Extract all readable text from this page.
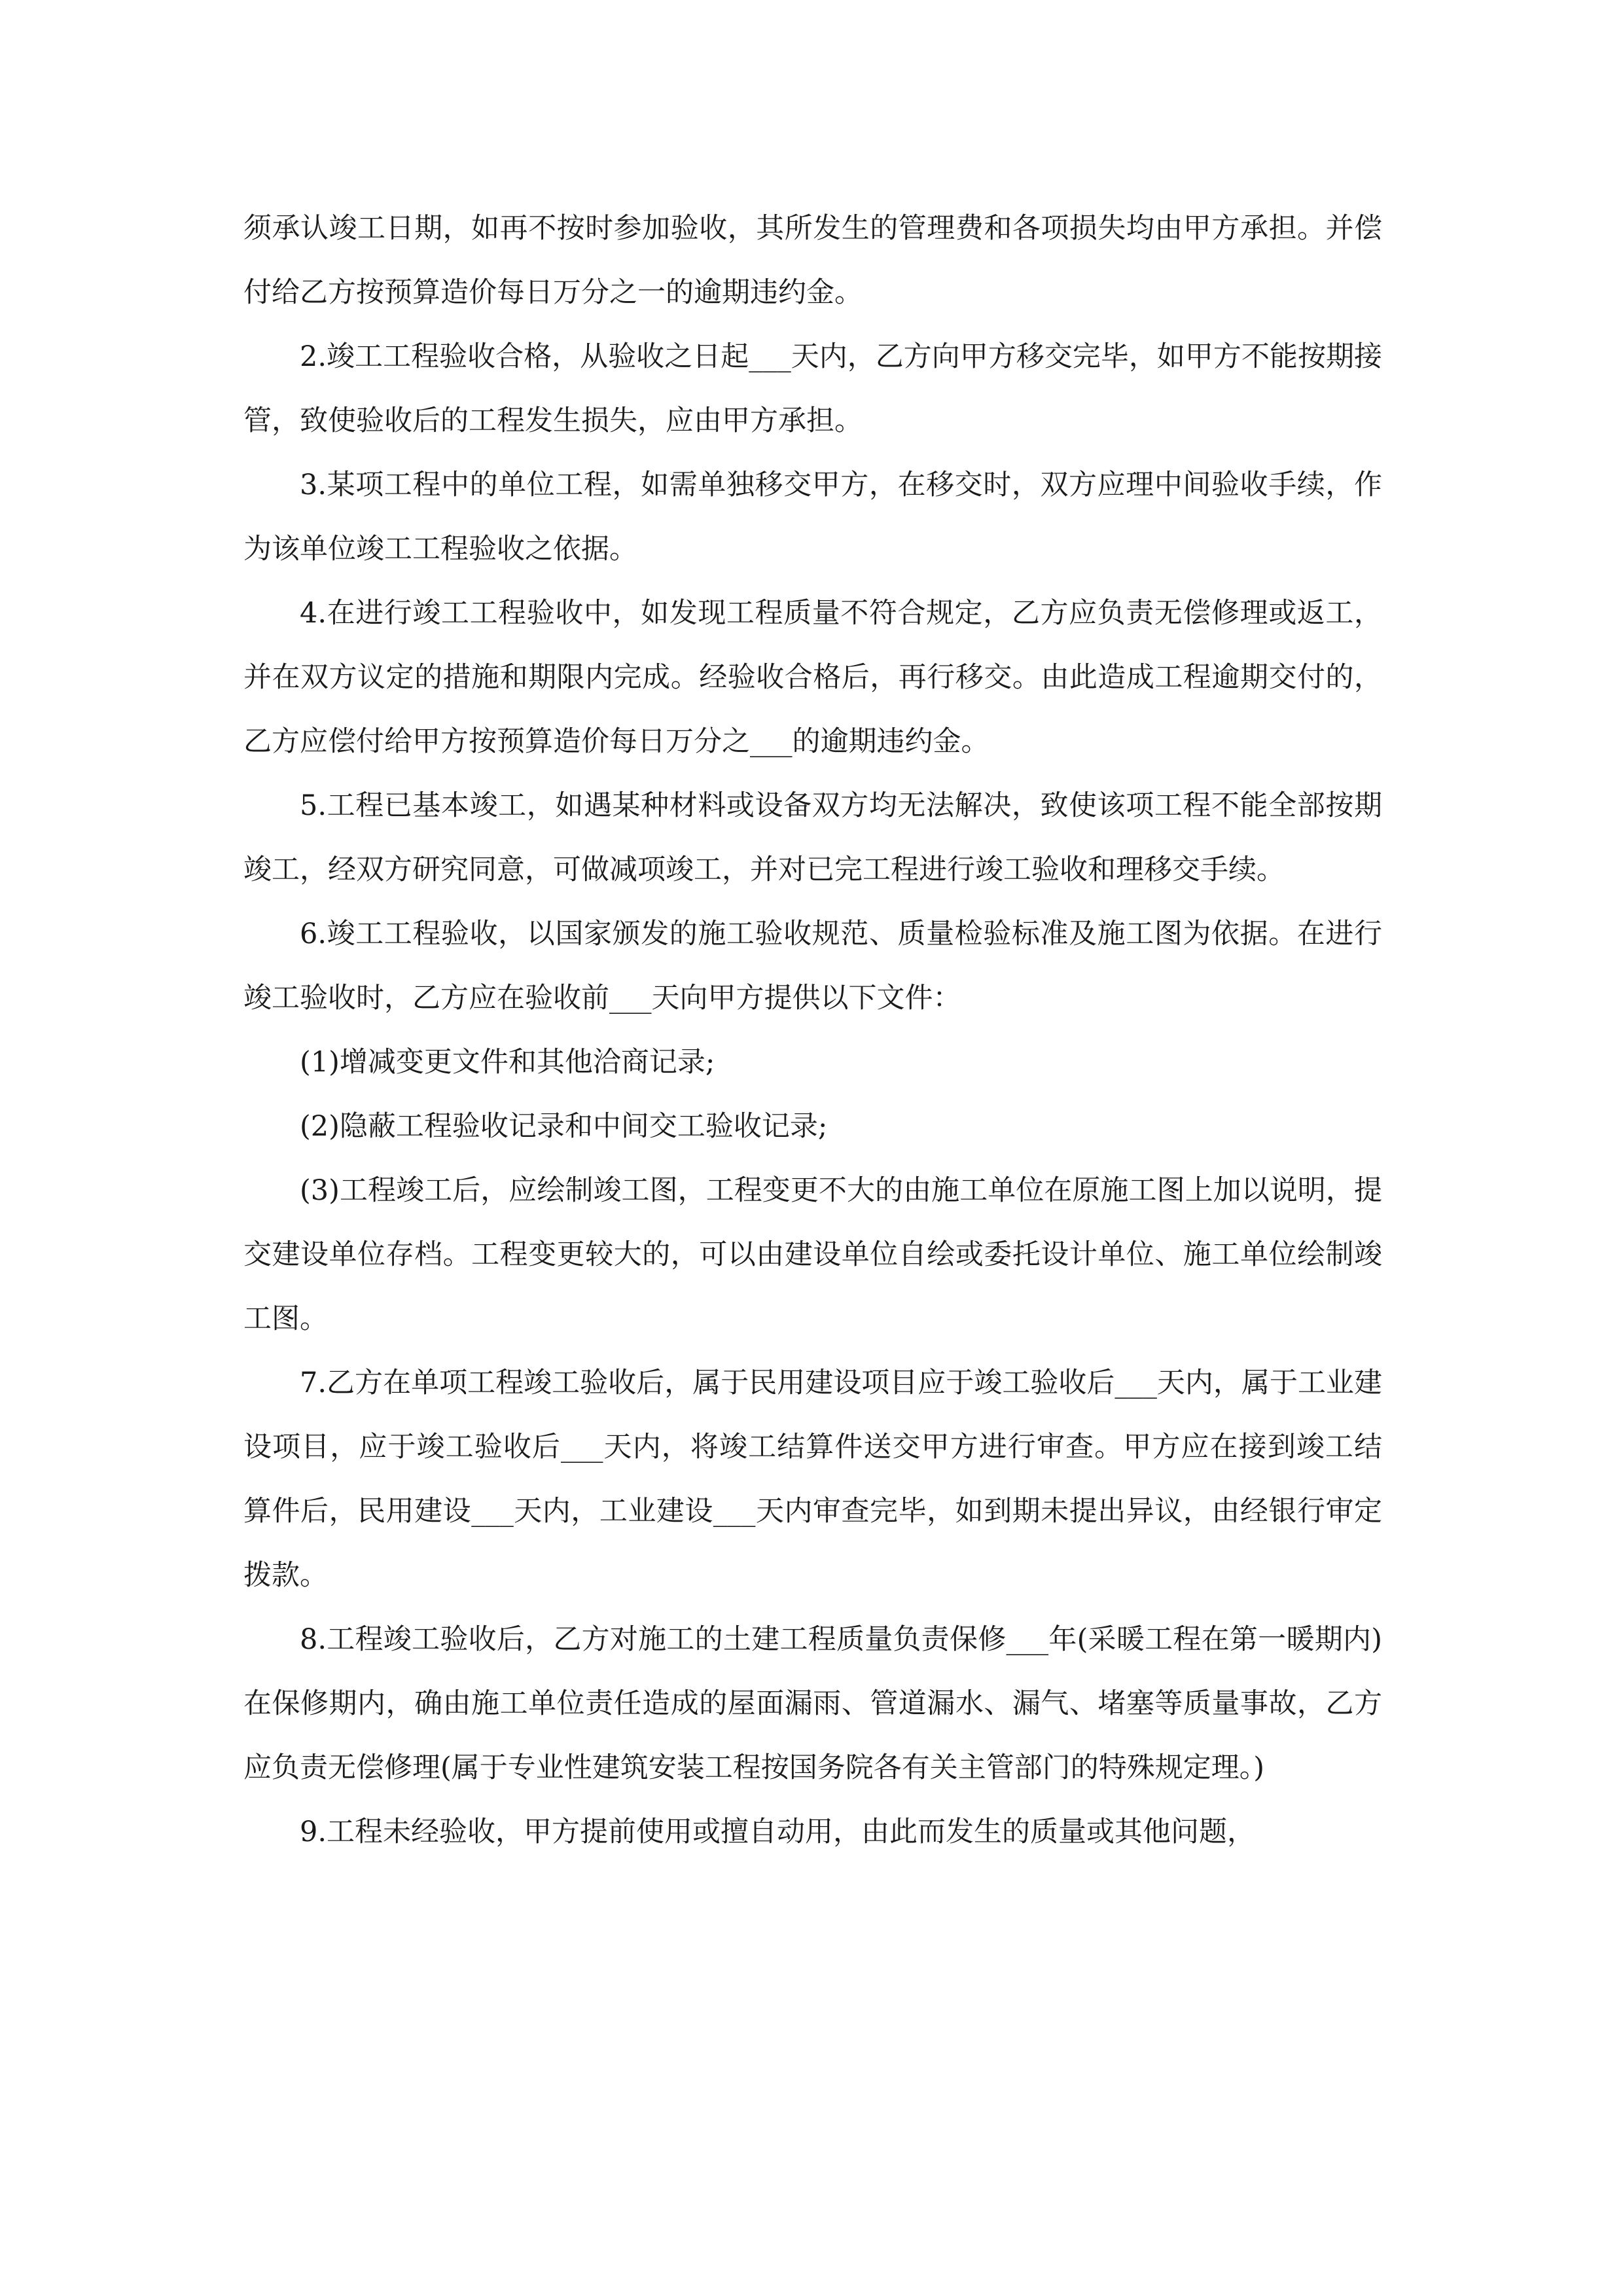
须承认竣工日期，如再不按时参加验收，其所发生的管理费和各项损失均由甲方承担。并偿付给乙方按预算造价每日万分之一的逾期违约金。

2.竣工工程验收合格，从验收之日起___天内，乙方向甲方移交完毕，如甲方不能按期接管，致使验收后的工程发生损失，应由甲方承担。

3.某项工程中的单位工程，如需单独移交甲方，在移交时，双方应理中间验收手续，作为该单位竣工工程验收之依据。

4.在进行竣工工程验收中，如发现工程质量不符合规定，乙方应负责无偿修理或返工，并在双方议定的措施和期限内完成。经验收合格后，再行移交。由此造成工程逾期交付的，乙方应偿付给甲方按预算造价每日万分之___的逾期违约金。

5.工程已基本竣工，如遇某种材料或设备双方均无法解决，致使该项工程不能全部按期竣工，经双方研究同意，可做减项竣工，并对已完工程进行竣工验收和理移交手续。

6.竣工工程验收，以国家颁发的施工验收规范、质量检验标准及施工图为依据。在进行竣工验收时，乙方应在验收前___天向甲方提供以下文件：

(1)增减变更文件和其他洽商记录;

(2)隐蔽工程验收记录和中间交工验收记录;

(3)工程竣工后，应绘制竣工图，工程变更不大的由施工单位在原施工图上加以说明，提交建设单位存档。工程变更较大的，可以由建设单位自绘或委托设计单位、施工单位绘制竣工图。

7.乙方在单项工程竣工验收后，属于民用建设项目应于竣工验收后___天内，属于工业建设项目，应于竣工验收后___天内，将竣工结算件送交甲方进行审查。甲方应在接到竣工结算件后，民用建设___天内，工业建设___天内审查完毕，如到期未提出异议，由经银行审定拨款。

8.工程竣工验收后，乙方对施工的土建工程质量负责保修___年(采暖工程在第一暖期内)在保修期内，确由施工单位责任造成的屋面漏雨、管道漏水、漏气、堵塞等质量事故，乙方应负责无偿修理(属于专业性建筑安装工程按国务院各有关主管部门的特殊规定理。)

9.工程未经验收，甲方提前使用或擅自动用，由此而发生的质量或其他问题，
